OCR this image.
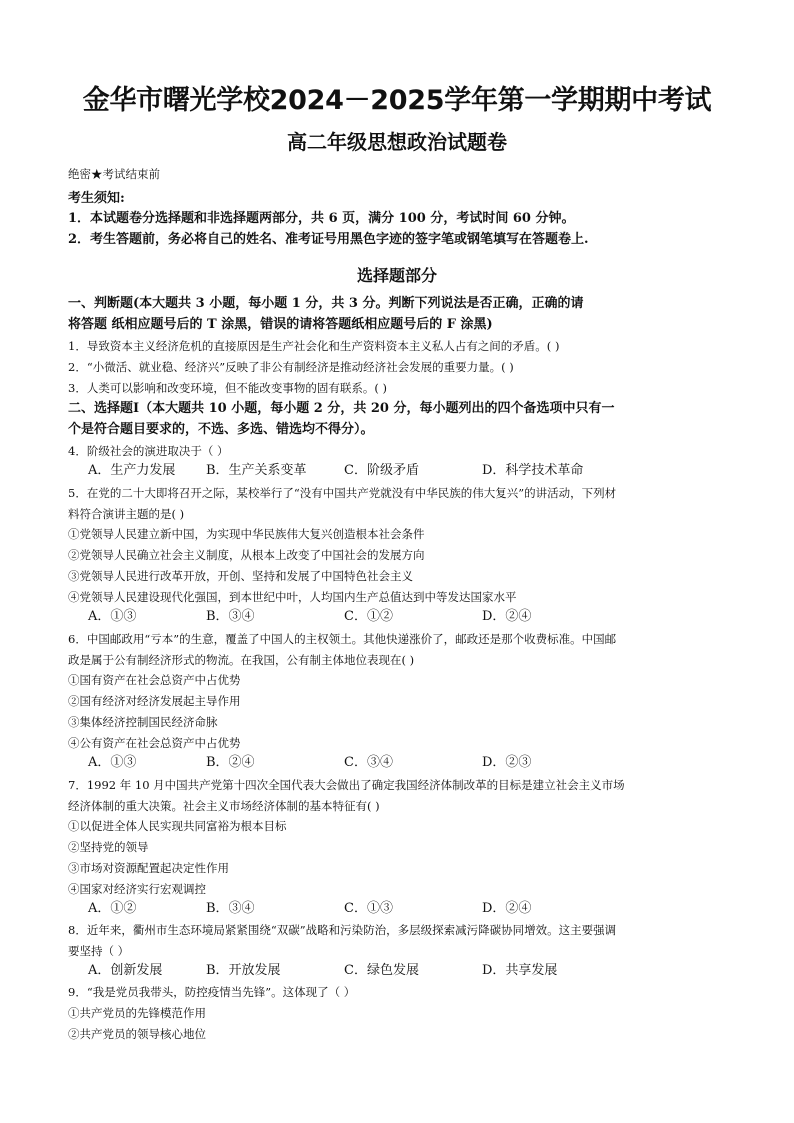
金华市曙光学校2024－2025学年第一学期期中考试
高二年级思想政治试题卷
绝密★考试结束前
考生须知:
1．本试题卷分选择题和非选择题两部分，共 6 页，满分 100 分，考试时间 60 分钟。
2．考生答题前，务必将自己的姓名、准考证号用黑色字迹的签字笔或钢笔填写在答题卷上.
选择题部分
一、判断题(本大题共 3 小题，每小题 1 分，共 3 分。判断下列说法是否正确，正确的请
将答题 纸相应题号后的 T 涂黑，错误的请将答题纸相应题号后的 F 涂黑)
1．导致资本主义经济危机的直接原因是生产社会化和生产资料资本主义私人占有之间的矛盾。( )
2．“小微活、就业稳、经济兴”反映了非公有制经济是推动经济社会发展的重要力量。( )
3．人类可以影响和改变环境，但不能改变事物的固有联系。( )
二、选择题Ⅰ（本大题共 10 小题，每小题 2 分，共 20 分，每小题列出的四个备选项中只有一
个是符合题目要求的，不选、多选、错选均不得分）。
4．阶级社会的演进取决于（ ）
A．生产力发展 B．生产关系变革	C．阶级矛盾	D．科学技术革命
5．在党的二十大即将召开之际，某校举行了“没有中国共产党就没有中华民族的伟大复兴”的讲活动，下列材
料符合演讲主题的是( )
①党领导人民建立新中国，为实现中华民族伟大复兴创造根本社会条件
②党领导人民确立社会主义制度，从根本上改变了中国社会的发展方向
③党领导人民进行改革开放，开创、坚持和发展了中国特色社会主义
④党领导人民建设现代化强国，到本世纪中叶，人均国内生产总值达到中等发达国家水平
A．①③	B．③④	C．①②	D．②④
6．中国邮政用“亏本”的生意，覆盖了中国人的主权领土。其他快递涨价了，邮政还是那个收费标准。中国邮
政是属于公有制经济形式的物流。在我国，公有制主体地位表现在( )
①国有资产在社会总资产中占优势
②国有经济对经济发展起主导作用
③集体经济控制国民经济命脉
④公有资产在社会总资产中占优势
A．①③	B．②④	C．③④	D．②③
7．1992 年 10 月中国共产党第十四次全国代表大会做出了确定我国经济体制改革的目标是建立社会主义市场
经济体制的重大决策。社会主义市场经济体制的基本特征有( )
①以促进全体人民实现共同富裕为根本目标
②坚持党的领导
③市场对资源配置起决定性作用
④国家对经济实行宏观调控
A．①②	B．③④	C．①③	D．②④
8．近年来，衢州市生态环境局紧紧围绕“双碳”战略和污染防治，多层级探索减污降碳协同增效。这主要强调
要坚持（ ）
A．创新发展	B．开放发展	C．绿色发展	D．共享发展
9．“我是党员我带头，防控疫情当先锋”。这体现了（ ）
①共产党员的先锋模范作用
②共产党员的领导核心地位
